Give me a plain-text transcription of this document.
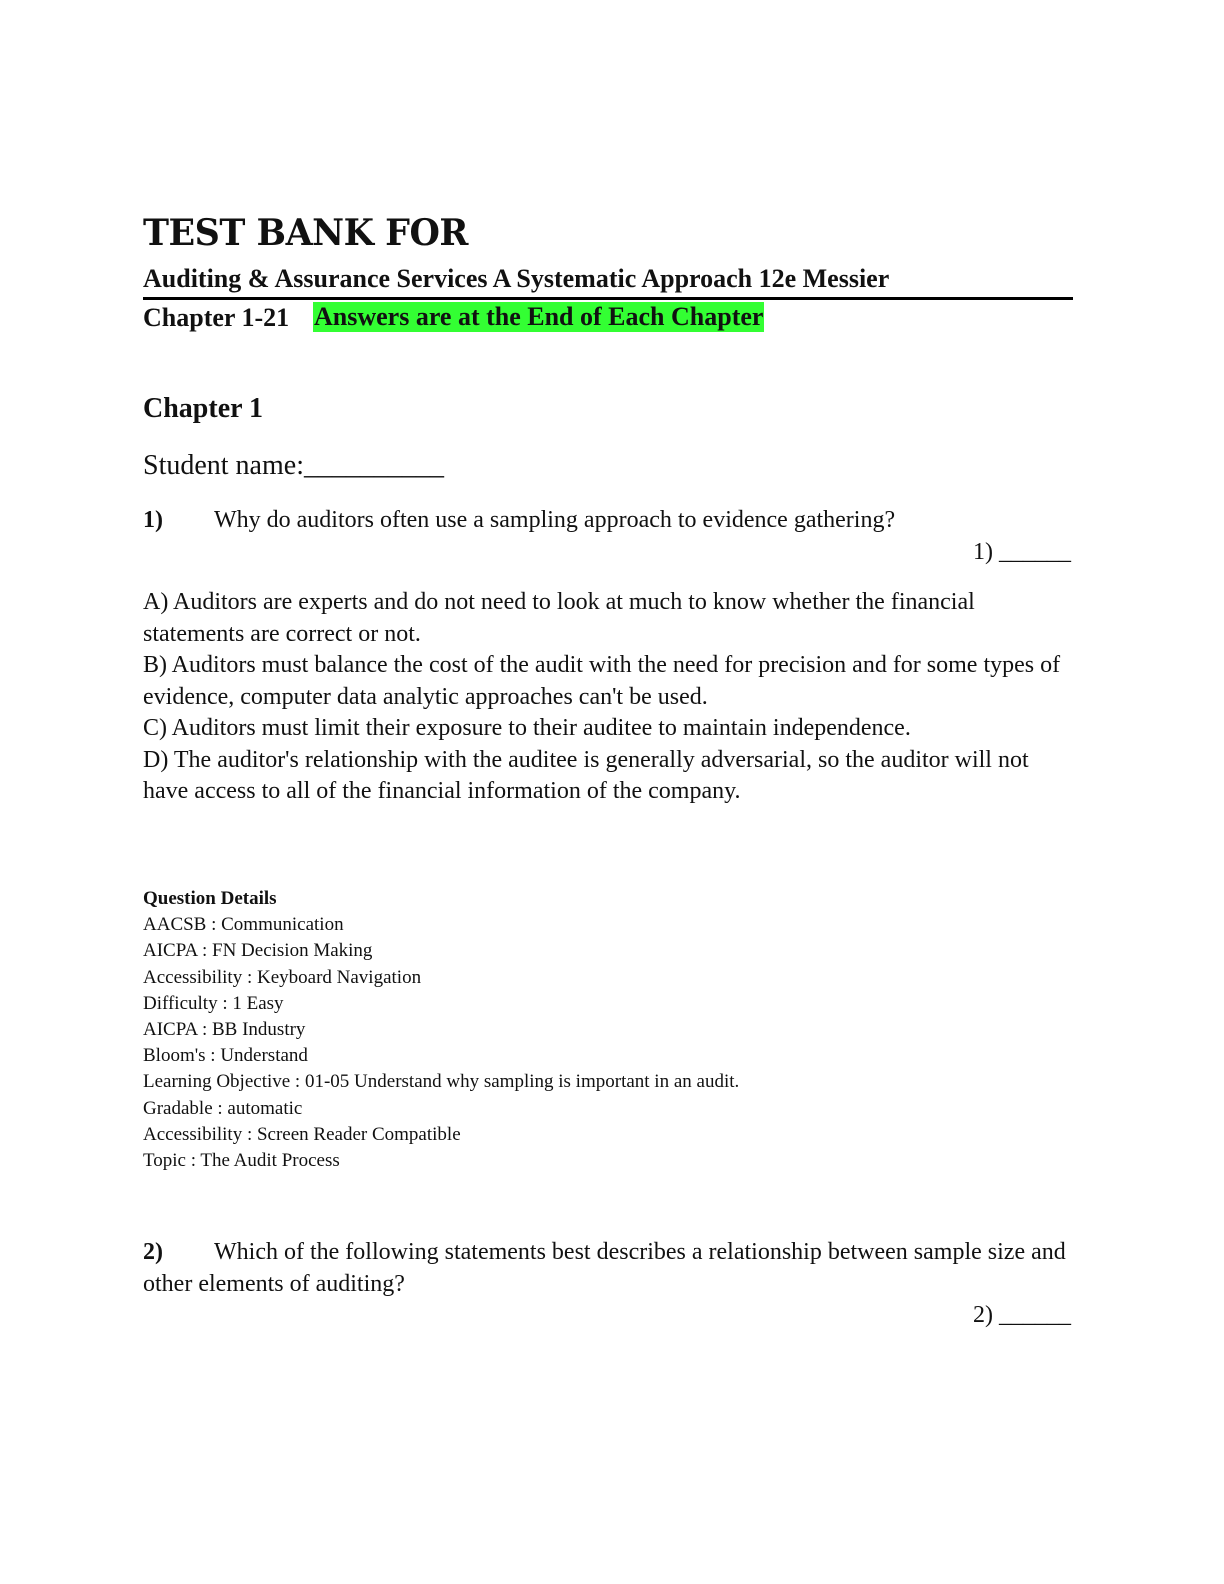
TEST BANK FOR
Auditing & Assurance Services A Systematic Approach 12e Messier
Chapter 1-21 Answers are at the End of Each Chapter
Chapter 1
Student name:__________
1) Why do auditors often use a sampling approach to evidence gathering?
1) ______

A) Auditors are experts and do not need to look at much to know whether the financial statements are correct or not.

B) Auditors must balance the cost of the audit with the need for precision and for some types of evidence, computer data analytic approaches can't be used.

C) Auditors must limit their exposure to their auditee to maintain independence.

D) The auditor's relationship with the auditee is generally adversarial, so the auditor will not have access to all of the financial information of the company.

Question Details

AACSB : Communication

AICPA : FN Decision Making

Accessibility : Keyboard Navigation

Difficulty : 1 Easy

AICPA : BB Industry

Bloom's : Understand

Learning Objective : 01-05 Understand why sampling is important in an audit.

Gradable : automatic

Accessibility : Screen Reader Compatible

Topic : The Audit Process

2) Which of the following statements best describes a relationship between sample size and other elements of auditing?
2) ______
